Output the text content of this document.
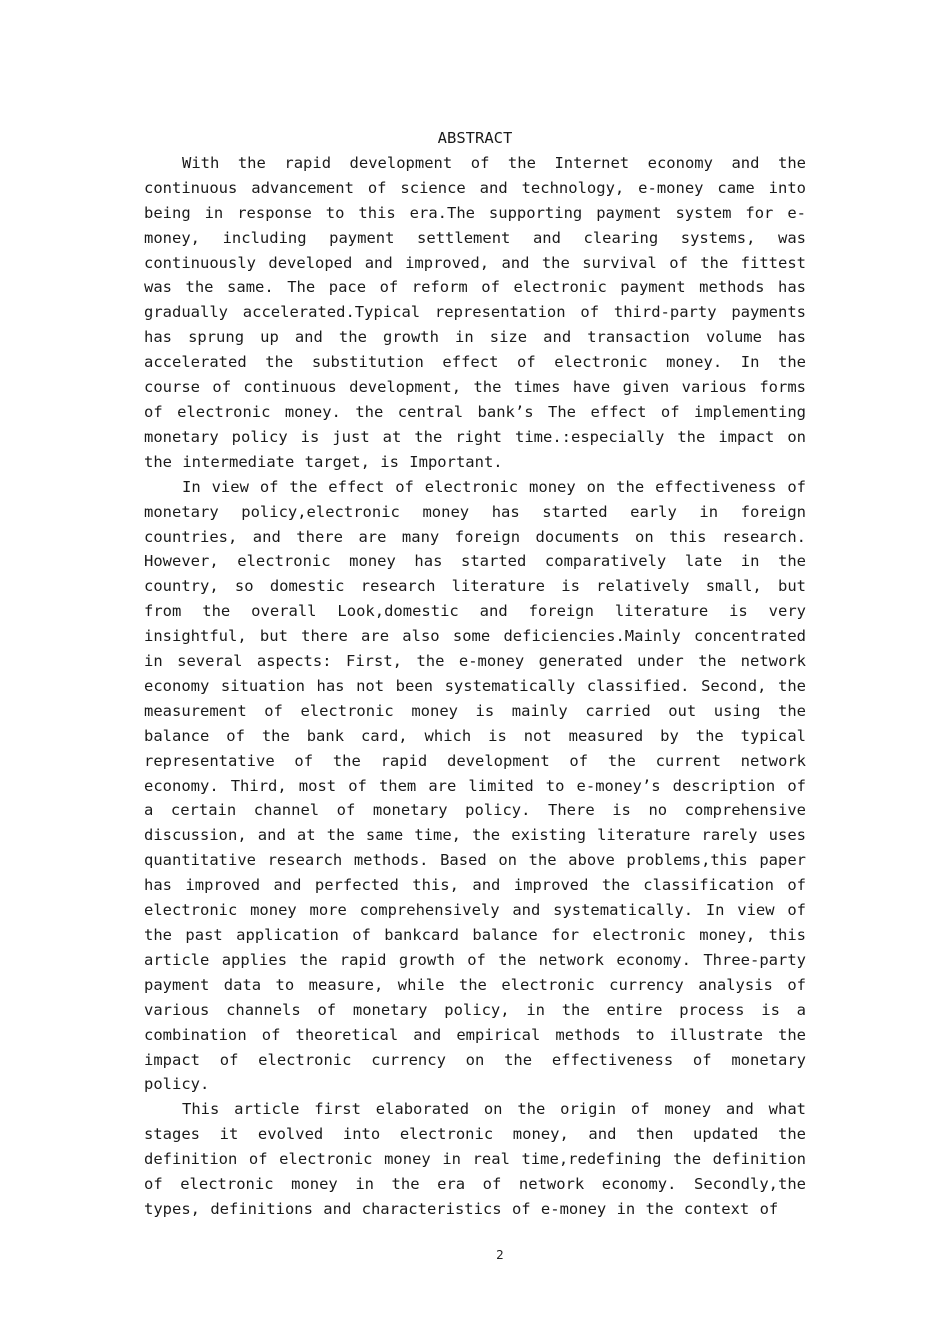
ABSTRACT

With the rapid development of the Internet economy and the continuous advancement of science and technology, e-money came into being in response to this era.The supporting payment system for e-money, including payment settlement and clearing systems, was continuously developed and improved, and the survival of the fittest was the same. The pace of reform of electronic payment methods has gradually accelerated.Typical representation of third-party payments has sprung up and the growth in size and transaction volume has accelerated the substitution effect of electronic money. In the course of continuous development, the times have given various forms of electronic money. the central bank’s The effect of implementing monetary policy is just at the right time.:especially the impact on the intermediate target, is Important.

In view of the effect of electronic money on the effectiveness of monetary policy,electronic money has started early in foreign countries, and there are many foreign documents on this research. However, electronic money has started comparatively late in the country, so domestic research literature is relatively small, but from the overall Look,domestic and foreign literature is very insightful, but there are also some deficiencies.Mainly concentrated in several aspects: First, the e-money generated under the network economy situation has not been systematically classified. Second, the measurement of electronic money is mainly carried out using the balance of the bank card, which is not measured by the typical representative of the rapid development of the current network economy. Third, most of them are limited to e-money’s description of a certain channel of monetary policy. There is no comprehensive discussion, and at the same time, the existing literature rarely uses quantitative research methods. Based on the above problems,this paper has improved and perfected this, and improved the classification of electronic money more comprehensively and systematically. In view of the past application of bankcard balance for electronic money, this article applies the rapid growth of the network economy. Three-party payment data to measure, while the electronic currency analysis of various channels of monetary policy, in the entire process is a combination of theoretical and empirical methods to illustrate the impact of electronic currency on the effectiveness of monetary policy.

This article first elaborated on the origin of money and what stages it evolved into electronic money, and then updated the definition of electronic money in real time,redefining the definition of electronic money in the era of network economy. Secondly,the types, definitions and characteristics of e-money in the context of

2
